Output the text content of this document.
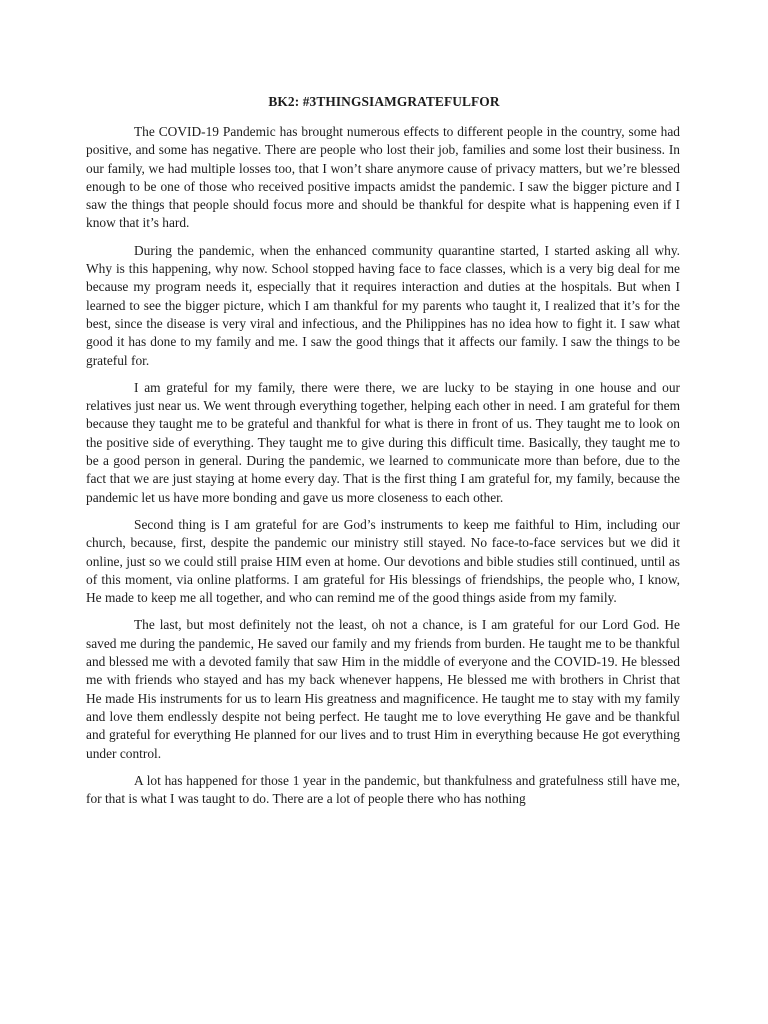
BK2: #3THINGSIAMGRATEFULFOR

The COVID-19 Pandemic has brought numerous effects to different people in the country, some had positive, and some has negative. There are people who lost their job, families and some lost their business. In our family, we had multiple losses too, that I won’t share anymore cause of privacy matters, but we’re blessed enough to be one of those who received positive impacts amidst the pandemic. I saw the bigger picture and I saw the things that people should focus more and should be thankful for despite what is happening even if I know that it’s hard.

During the pandemic, when the enhanced community quarantine started, I started asking all why. Why is this happening, why now. School stopped having face to face classes, which is a very big deal for me because my program needs it, especially that it requires interaction and duties at the hospitals. But when I learned to see the bigger picture, which I am thankful for my parents who taught it, I realized that it’s for the best, since the disease is very viral and infectious, and the Philippines has no idea how to fight it. I saw what good it has done to my family and me. I saw the good things that it affects our family. I saw the things to be grateful for.

I am grateful for my family, there were there, we are lucky to be staying in one house and our relatives just near us. We went through everything together, helping each other in need. I am grateful for them because they taught me to be grateful and thankful for what is there in front of us. They taught me to look on the positive side of everything. They taught me to give during this difficult time. Basically, they taught me to be a good person in general. During the pandemic, we learned to communicate more than before, due to the fact that we are just staying at home every day. That is the first thing I am grateful for, my family, because the pandemic let us have more bonding and gave us more closeness to each other.

Second thing is I am grateful for are God’s instruments to keep me faithful to Him, including our church, because, first, despite the pandemic our ministry still stayed. No face-to-face services but we did it online, just so we could still praise HIM even at home. Our devotions and bible studies still continued, until as of this moment, via online platforms. I am grateful for His blessings of friendships, the people who, I know, He made to keep me all together, and who can remind me of the good things aside from my family.

The last, but most definitely not the least, oh not a chance, is I am grateful for our Lord God. He saved me during the pandemic, He saved our family and my friends from burden. He taught me to be thankful and blessed me with a devoted family that saw Him in the middle of everyone and the COVID-19. He blessed me with friends who stayed and has my back whenever happens, He blessed me with brothers in Christ that He made His instruments for us to learn His greatness and magnificence. He taught me to stay with my family and love them endlessly despite not being perfect. He taught me to love everything He gave and be thankful and grateful for everything He planned for our lives and to trust Him in everything because He got everything under control.

A lot has happened for those 1 year in the pandemic, but thankfulness and gratefulness still have me, for that is what I was taught to do. There are a lot of people there who has nothing
